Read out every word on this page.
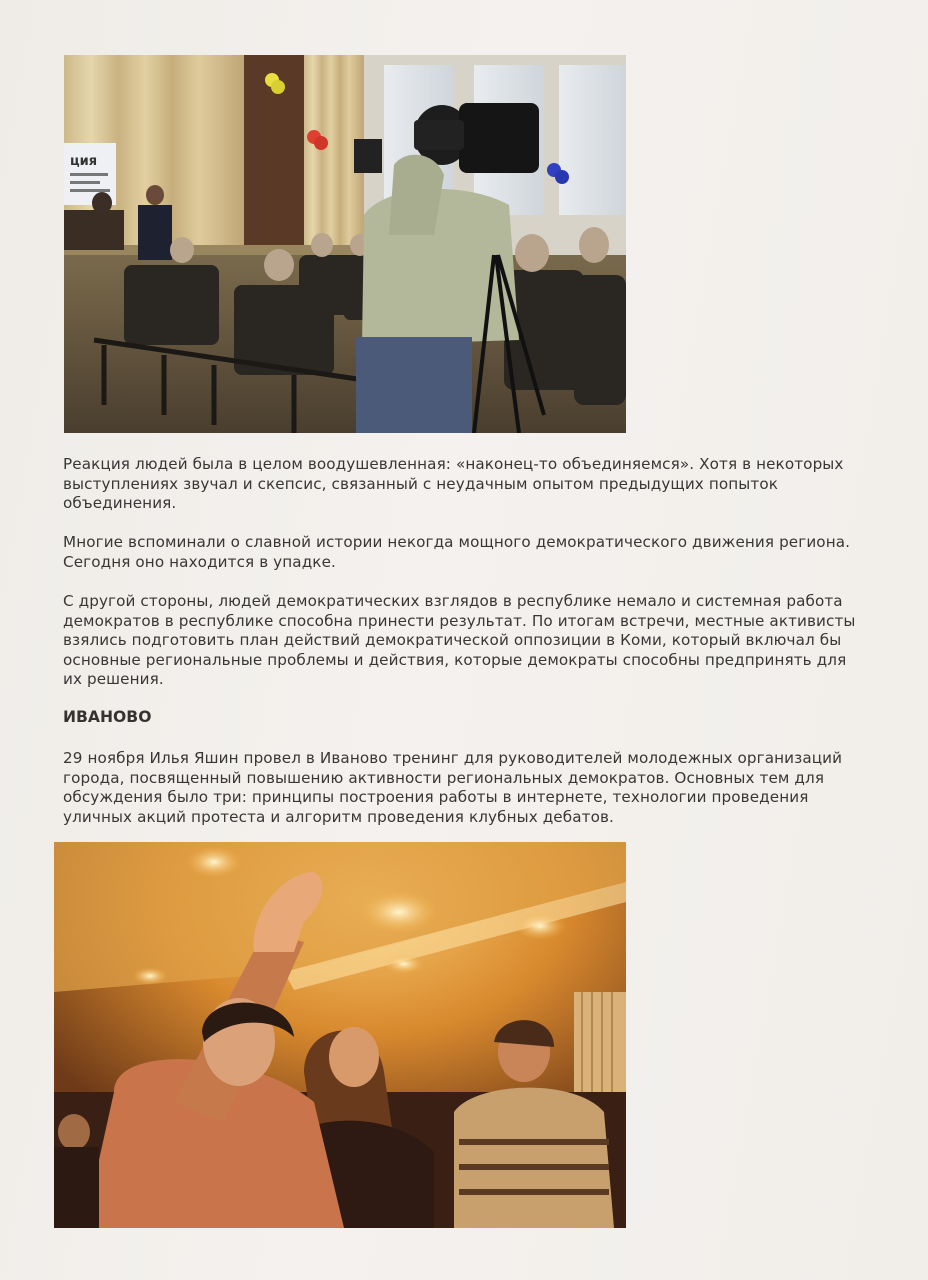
ция

Реакция людей была в целом воодушевленная: «наконец-то объединяемся». Хотя в некоторых
выступлениях звучал и скепсис, связанный с неудачным опытом предыдущих попыток
объединения.

Многие вспоминали о славной истории некогда мощного демократического движения региона.
Сегодня оно находится в упадке.

С другой стороны, людей демократических взглядов в республике немало и системная работа
демократов в республике способна принести результат. По итогам встречи, местные активисты
взялись подготовить план действий демократической оппозиции в Коми, который включал бы
основные региональные проблемы и действия, которые демократы способны предпринять для
их решения.

ИВАНОВО

29 ноября Илья Яшин провел в Иваново тренинг для руководителей молодежных организаций
города, посвященный повышению активности региональных демократов. Основных тем для
обсуждения было три: принципы построения работы в интернете, технологии проведения
уличных акций протеста и алгоритм проведения клубных дебатов.
